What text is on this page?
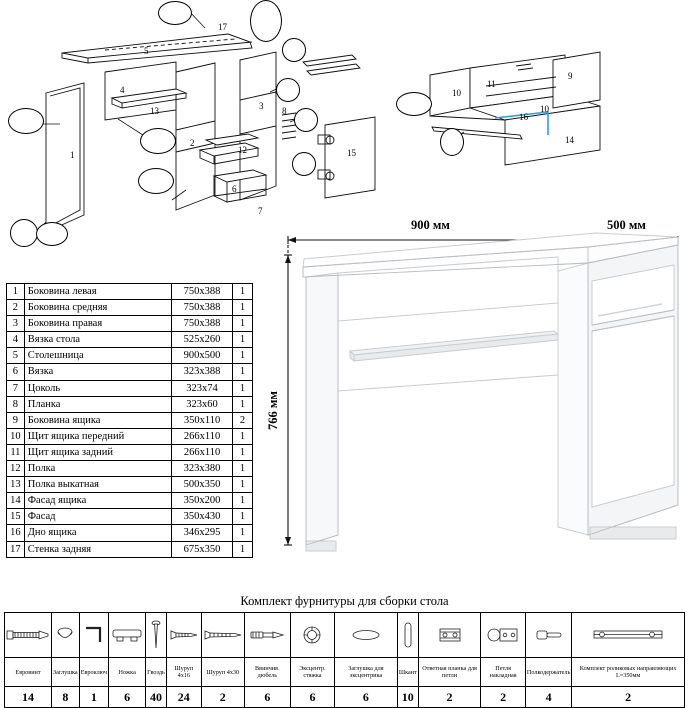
1
2
3
4
5
6
7
8
12
13
15
17
9
10
11
14
16
10
1	Боковина левая	750х388	1
2	Боковина средняя	750х388	1
3	Боковина правая	750х388	1
4	Вязка стола	525х260	1
5	Столешница	900х500	1
6	Вязка	323х388	1
7	Цоколь	323х74	1
8	Планка	323х60	1
9	Боковина ящика	350х110	2
10	Щит ящика передний	266х110	1
11	Щит ящика задний	266х110	1
12	Полка	323х380	1
13	Полка выкатная	500х350	1
14	Фасад ящика	350х200	1
15	Фасад	350х430	1
16	Дно ящика	346х295	1
17	Стенка задняя	675х350	1
900 мм	500 мм
766 мм
Комплект фурнитуры для сборки стола

Евровинт	Заглушка	Евроключ	Ножка	Гвоздь	Шуруп 4х16	Шуруп 4х30	Ввинчив. дюбель	Эксцентр. стяжка	Заглушка для эксцентрика	Шкант	Ответная планка для петли	Петля накладная	Полкодержатель	Комплект роликовых направляющих L=350мм
14	8	1	6	40	24	2	6	6	6	10	2	2	4	2
